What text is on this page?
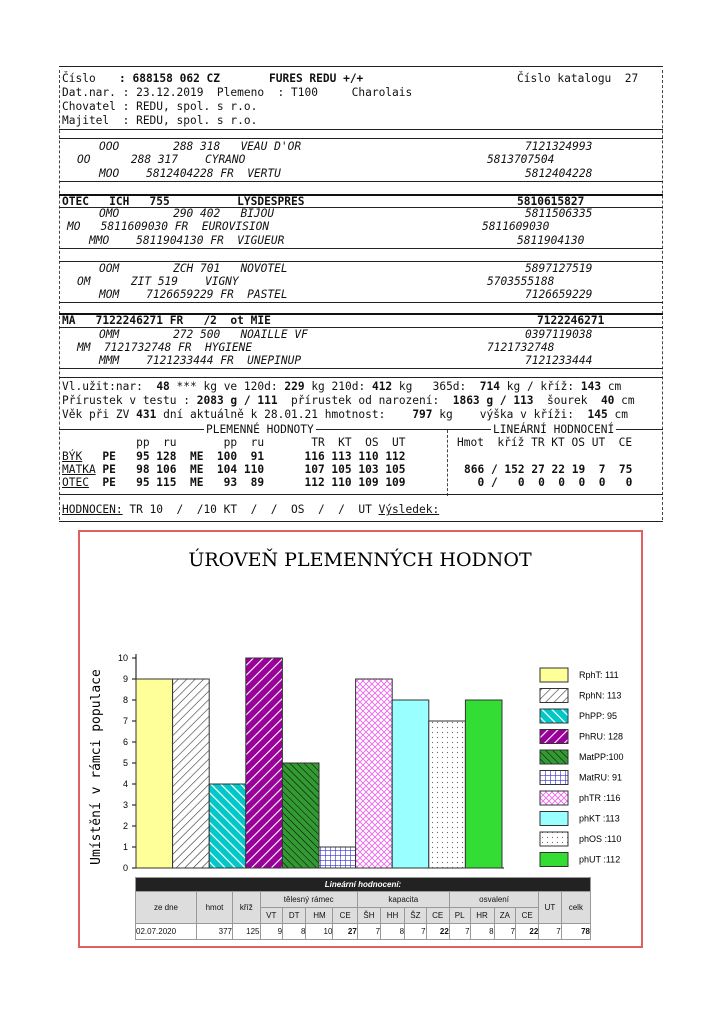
Číslo : 688158 062 CZ	FURES REDU +/+	Číslo katalogu  27
Dat.nar. : 23.12.2019  Plemeno  : T100     Charolais
Chovatel : REDU, spol. s r.o.
Majitel  : REDU, spol. s r.o.
OOO        288 318   VEAU D'OR	7121324993
OO      288 317    CYRANO	5813707504
MOO    5812404228 FR  VERTU	5812404228
OTEC   ICH   755          LYSDESPRES	5810615827
OMO        290 402   BIJOU	5811506335
MO   5811609030 FR  EUROVISION	5811609030
MMO    5811904130 FR  VIGUEUR	5811904130
OOM        ZCH 701   NOVOTEL	5897127519
OM      ZIT 519    VIGNY	5703555188
MOM    7126659229 FR  PASTEL	7126659229
MA   7122246271 FR   /2  ot MIE	7122246271
OMM        272 500   NOAILLE VF	0397119038
MM  7121732748 FR  HYGIENE	7121732748
MMM    7121233444 FR  UNEPINUP	7121233444
Vl.užit:nar: 48 *** kg ve 120d: 229 kg 210d: 412 kg   365d: 714 kg / kříž: 143 cm
Přírustek v testu : 2083 g / 111 přírustek od narození: 1863 g / 113 šourek 40 cm
Věk při ZV 431 dní aktuálně k 28.01.21 hmotnost: 797 kg výška v kříži: 145 cm
PLEMENNÉ HODNOTY	LINEÁRNÍ HODNOCENÍ
pp  ru       pp  ru       TR  KT  OS  UT	Hmot  kříž TR KT OS UT  CE
BÝK   PE   95 128  ME  100  91      116 113 110 112
MATKA PE   98 106  ME  104 110      107 105 103 105	866 / 152 27 22 19  7  75
OTEC  PE   95 115  ME   93  89      112 110 109 109	0 /   0  0  0  0  0   0
HODNOCEN: TR 10  /  /10 KT  /  /  OS  /  /  UT Výsledek:
ÚROVEŇ PLEMENNÝCH HODNOT
Umístění v rámci populace
0
1
2
3
4
5
6
7
8
9
10
RphT: 111
RphN: 113
PhPP: 95
PhRU: 128
MatPP:100
MatRU: 91
phTR :116
phKT :113
phOS :110
phUT :112
Lineární hodnocení:																
ze dne	hmot	kříž	tělesný rámec				kapacita				osvalení				UT	celk
			VT	DT	HM	CE	ŠH	HH	ŠZ	CE	PL	HR	ZA	CE		
02.07.2020	377	125	9	8	10	27	7	8	7	22	7	8	7	22	7	78
